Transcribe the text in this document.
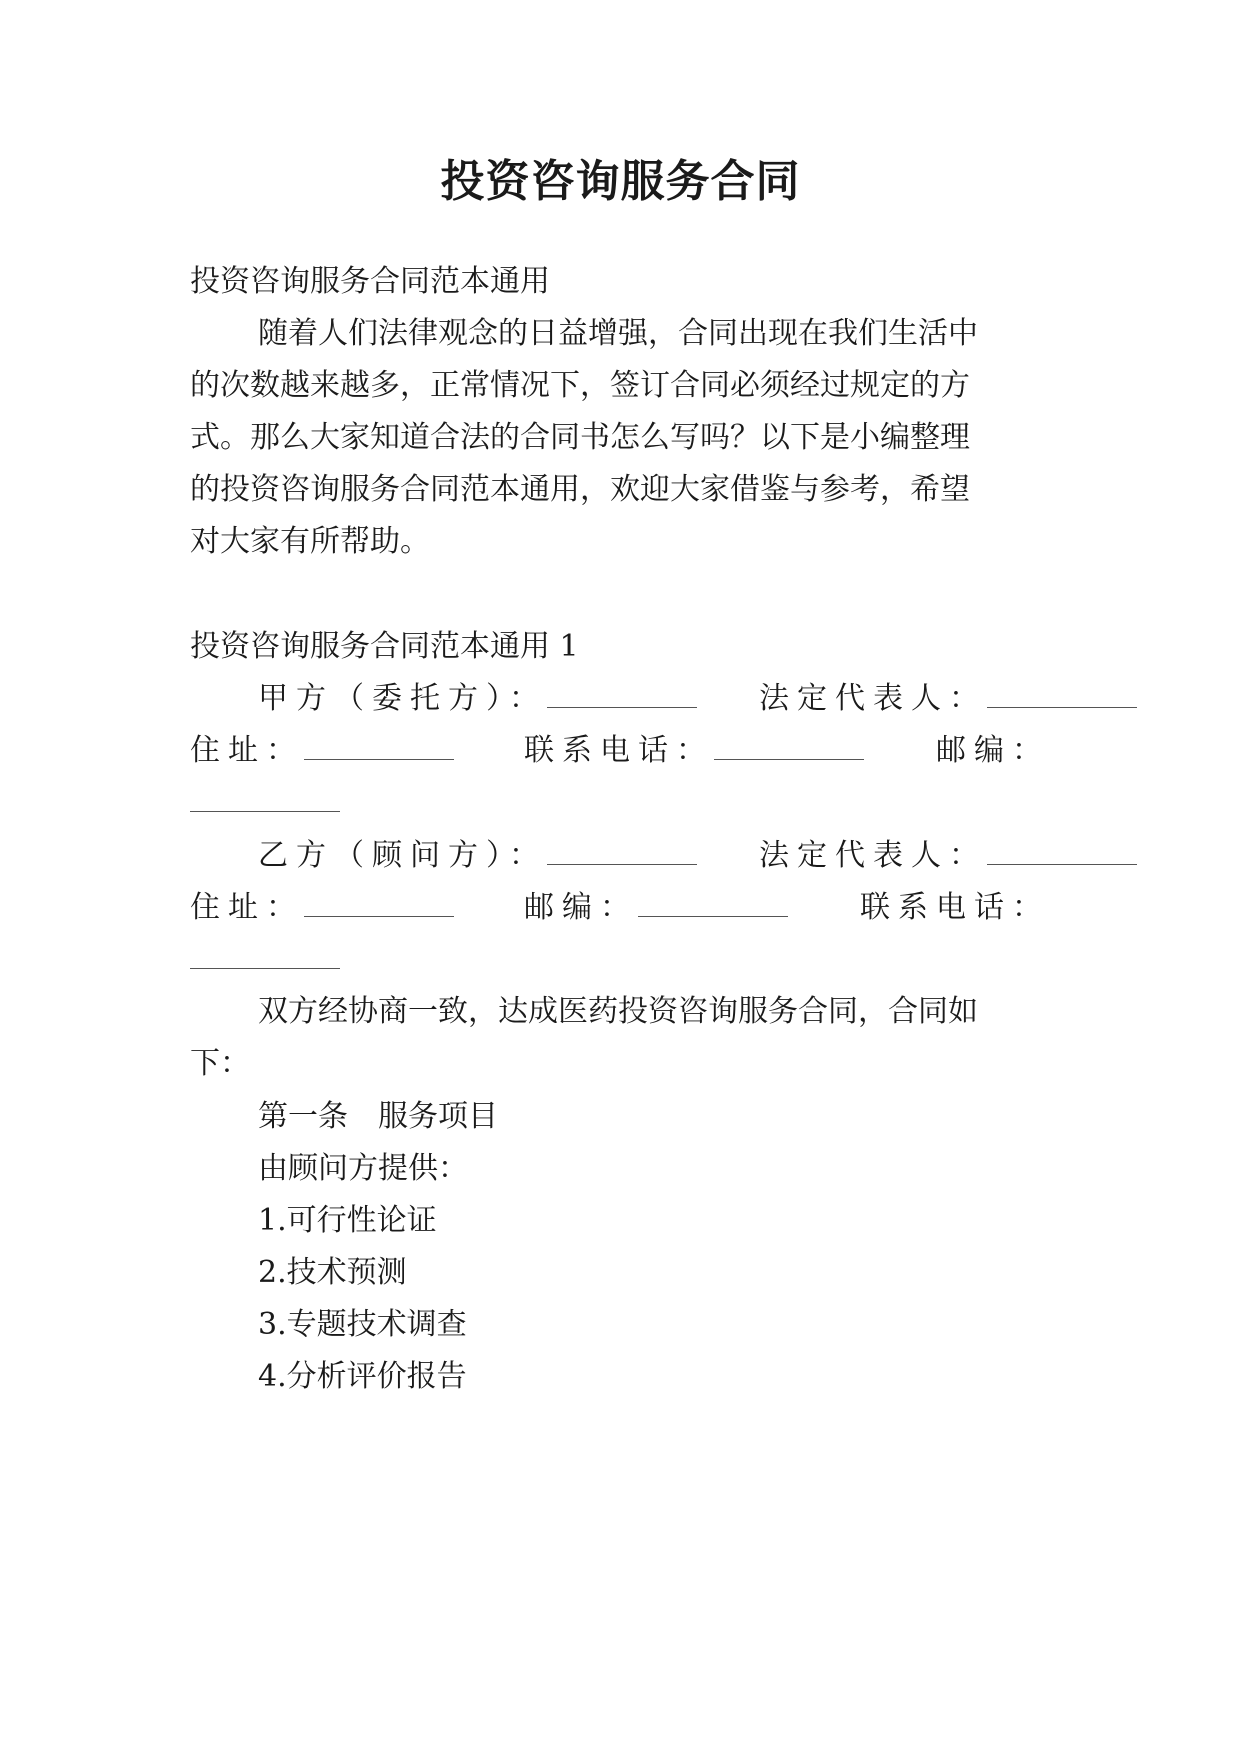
投资咨询服务合同

投资咨询服务合同范本通用

随着人们法律观念的日益增强，合同出现在我们生活中

的次数越来越多，正常情况下，签订合同必须经过规定的方

式。那么大家知道合法的合同书怎么写吗？以下是小编整理

的投资咨询服务合同范本通用，欢迎大家借鉴与参考，希望

对大家有所帮助。

投资咨询服务合同范本通用 1

甲方（委托方）：	法定代表人：

住址：	联系电话：	邮编：

乙方（顾问方）：	法定代表人：

住址：	邮编：	联系电话：

双方经协商一致，达成医药投资咨询服务合同，合同如

下：

第一条　服务项目

由顾问方提供：

1.可行性论证

2.技术预测

3.专题技术调查

4.分析评价报告
